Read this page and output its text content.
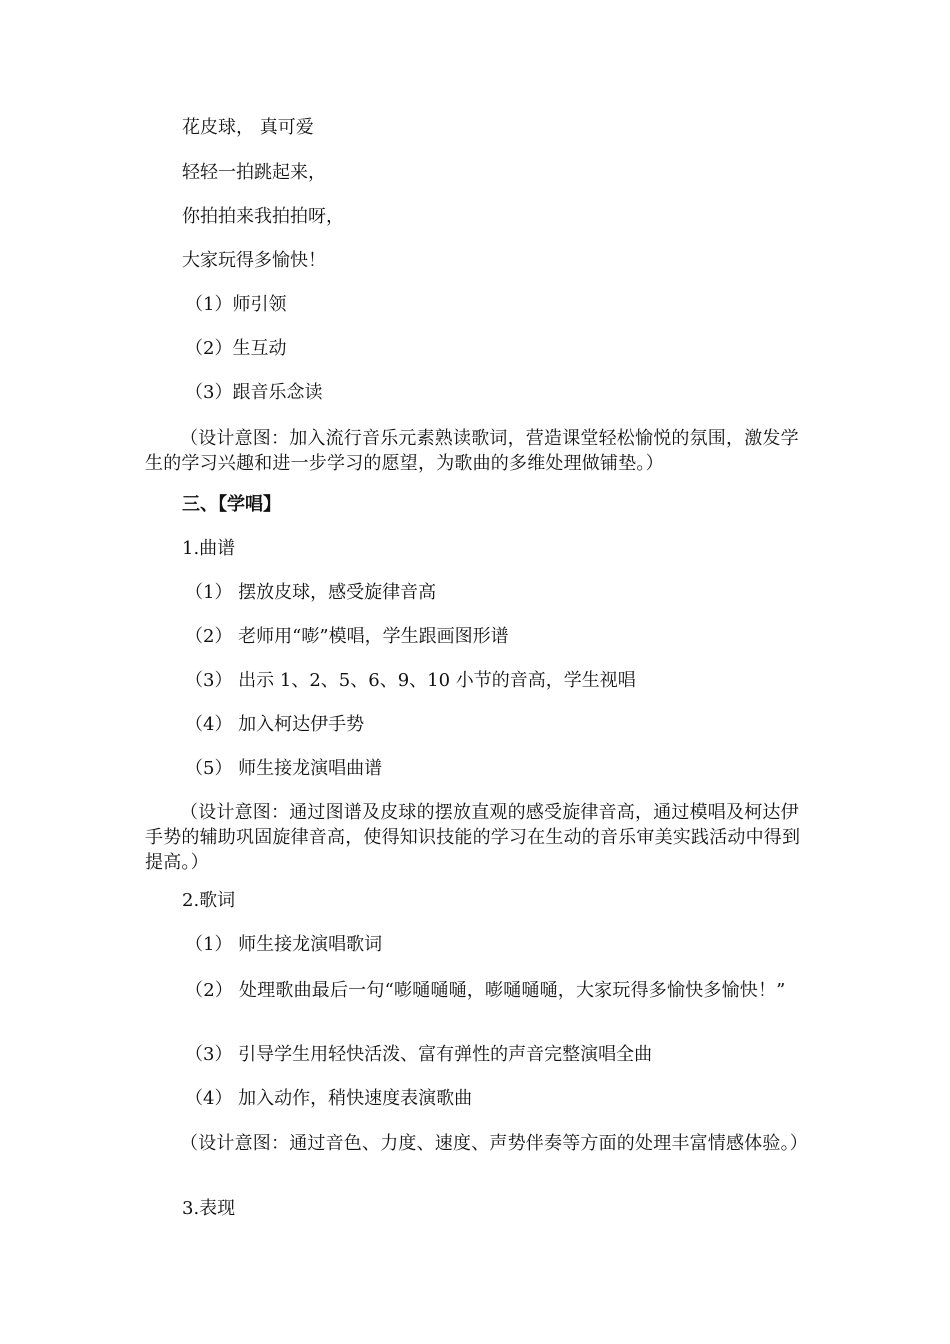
花皮球， 真可爱

轻轻一拍跳起来，

你拍拍来我拍拍呀，

大家玩得多愉快！

（1）师引领

（2）生互动

（3）跟音乐念读

（设计意图：加入流行音乐元素熟读歌词，营造课堂轻松愉悦的氛围，激发学生的学习兴趣和进一步学习的愿望，为歌曲的多维处理做铺垫。）

三、【学唱】

1.曲谱

（1） 摆放皮球，感受旋律音高

（2） 老师用“嘭”模唱，学生跟画图形谱

（3） 出示 1、2、5、6、9、10 小节的音高，学生视唱

（4） 加入柯达伊手势

（5） 师生接龙演唱曲谱

（设计意图：通过图谱及皮球的摆放直观的感受旋律音高，通过模唱及柯达伊手势的辅助巩固旋律音高，使得知识技能的学习在生动的音乐审美实践活动中得到提高。）

2.歌词

（1） 师生接龙演唱歌词

（2） 处理歌曲最后一句“嘭嗵嗵嗵，嘭嗵嗵嗵，大家玩得多愉快多愉快！”

（3） 引导学生用轻快活泼、富有弹性的声音完整演唱全曲

（4） 加入动作，稍快速度表演歌曲

（设计意图：通过音色、力度、速度、声势伴奏等方面的处理丰富情感体验。）

3.表现
